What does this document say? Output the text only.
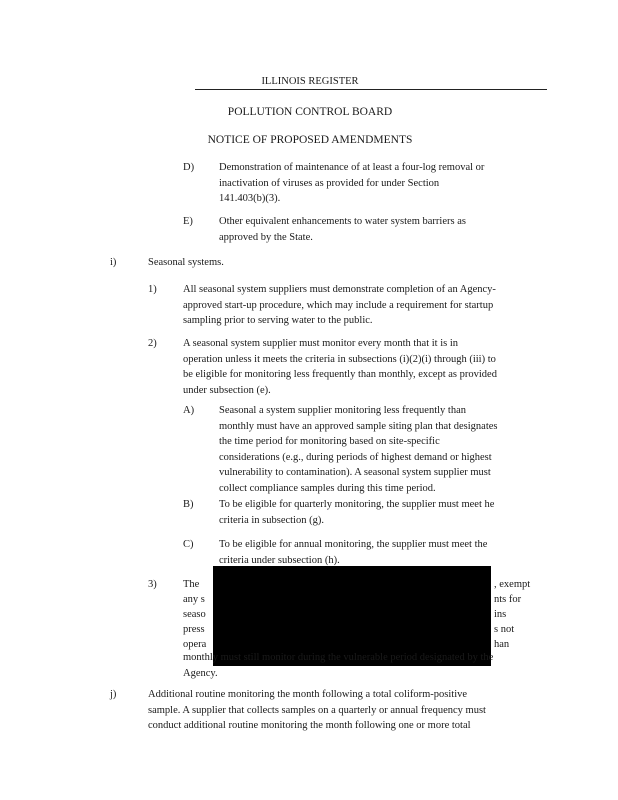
ILLINOIS REGISTER
POLLUTION CONTROL BOARD
NOTICE OF PROPOSED AMENDMENTS
D) Demonstration of maintenance of at least a four-log removal or
inactivation of viruses as provided for under Section
141.403(b)(3).
E) Other equivalent enhancements to water system barriers as
approved by the State.
i)	Seasonal systems.
1)	All seasonal system suppliers must demonstrate completion of an Agency-
approved start-up procedure, which may include a requirement for startup
sampling prior to serving water to the public.
2)	A seasonal system supplier must monitor every month that it is in
operation unless it meets the criteria in subsections (i)(2)(i) through (iii) to
be eligible for monitoring less frequently than monthly, except as provided
under subsection (e).
A) Seasonal a system supplier monitoring less frequently than
monthly must have an approved sample siting plan that designates
the time period for monitoring based on site-specific
considerations (e.g., during periods of highest demand or highest
vulnerability to contamination). A seasonal system supplier must
collect compliance samples during this time period.
B) To be eligible for quarterly monitoring, the supplier must meet he
criteria in subsection (g).
C) To be eligible for annual monitoring, the supplier must meet the
criteria under subsection (h).
3)	The
any s
seaso
press
opera
, exempt
nts for
ins
s not
han
monthly must still monitor during the vulnerable period designated by the
Agency.
j)	Additional routine monitoring the month following a total coliform-positive
sample. A supplier that collects samples on a quarterly or annual frequency must
conduct additional routine monitoring the month following one or more total
